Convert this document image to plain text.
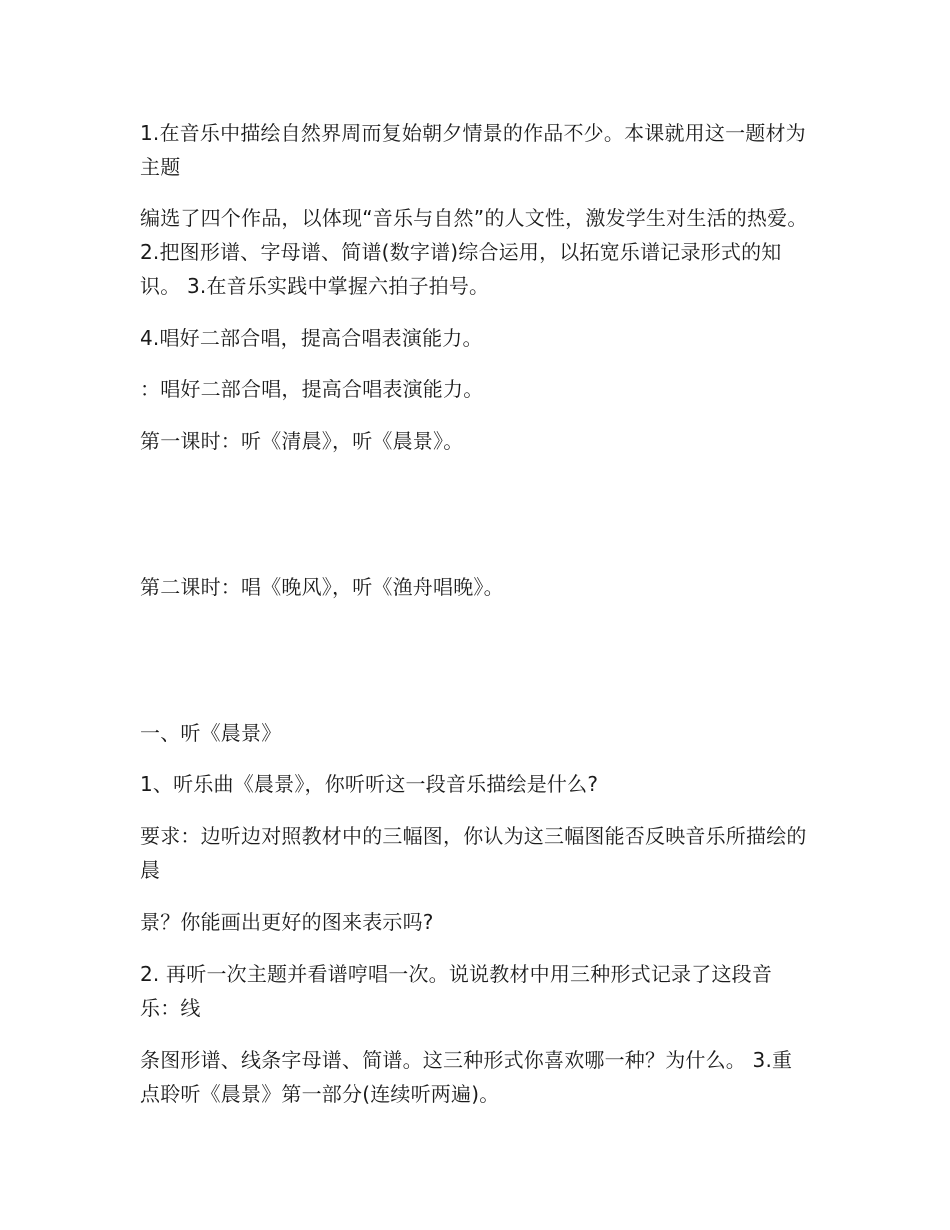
1.在音乐中描绘自然界周而复始朝夕情景的作品不少。本课就用这一题材为主题

编选了四个作品，以体现“音乐与自然”的人文性，激发学生对生活的热爱。 2.把图形谱、字母谱、简谱(数字谱)综合运用，以拓宽乐谱记录形式的知识。 3.在音乐实践中掌握六拍子拍号。

4.唱好二部合唱，提高合唱表演能力。

：唱好二部合唱，提高合唱表演能力。

第一课时：听《清晨》，听《晨景》。

第二课时：唱《晚风》，听《渔舟唱晚》。

一、听《晨景》

1、听乐曲《晨景》，你听听这一段音乐描绘是什么?

要求：边听边对照教材中的三幅图，你认为这三幅图能否反映音乐所描绘的晨

景？你能画出更好的图来表示吗?

2. 再听一次主题并看谱哼唱一次。说说教材中用三种形式记录了这段音乐：线

条图形谱、线条字母谱、简谱。这三种形式你喜欢哪一种？为什么。 3.重点聆听《晨景》第一部分(连续听两遍)。
